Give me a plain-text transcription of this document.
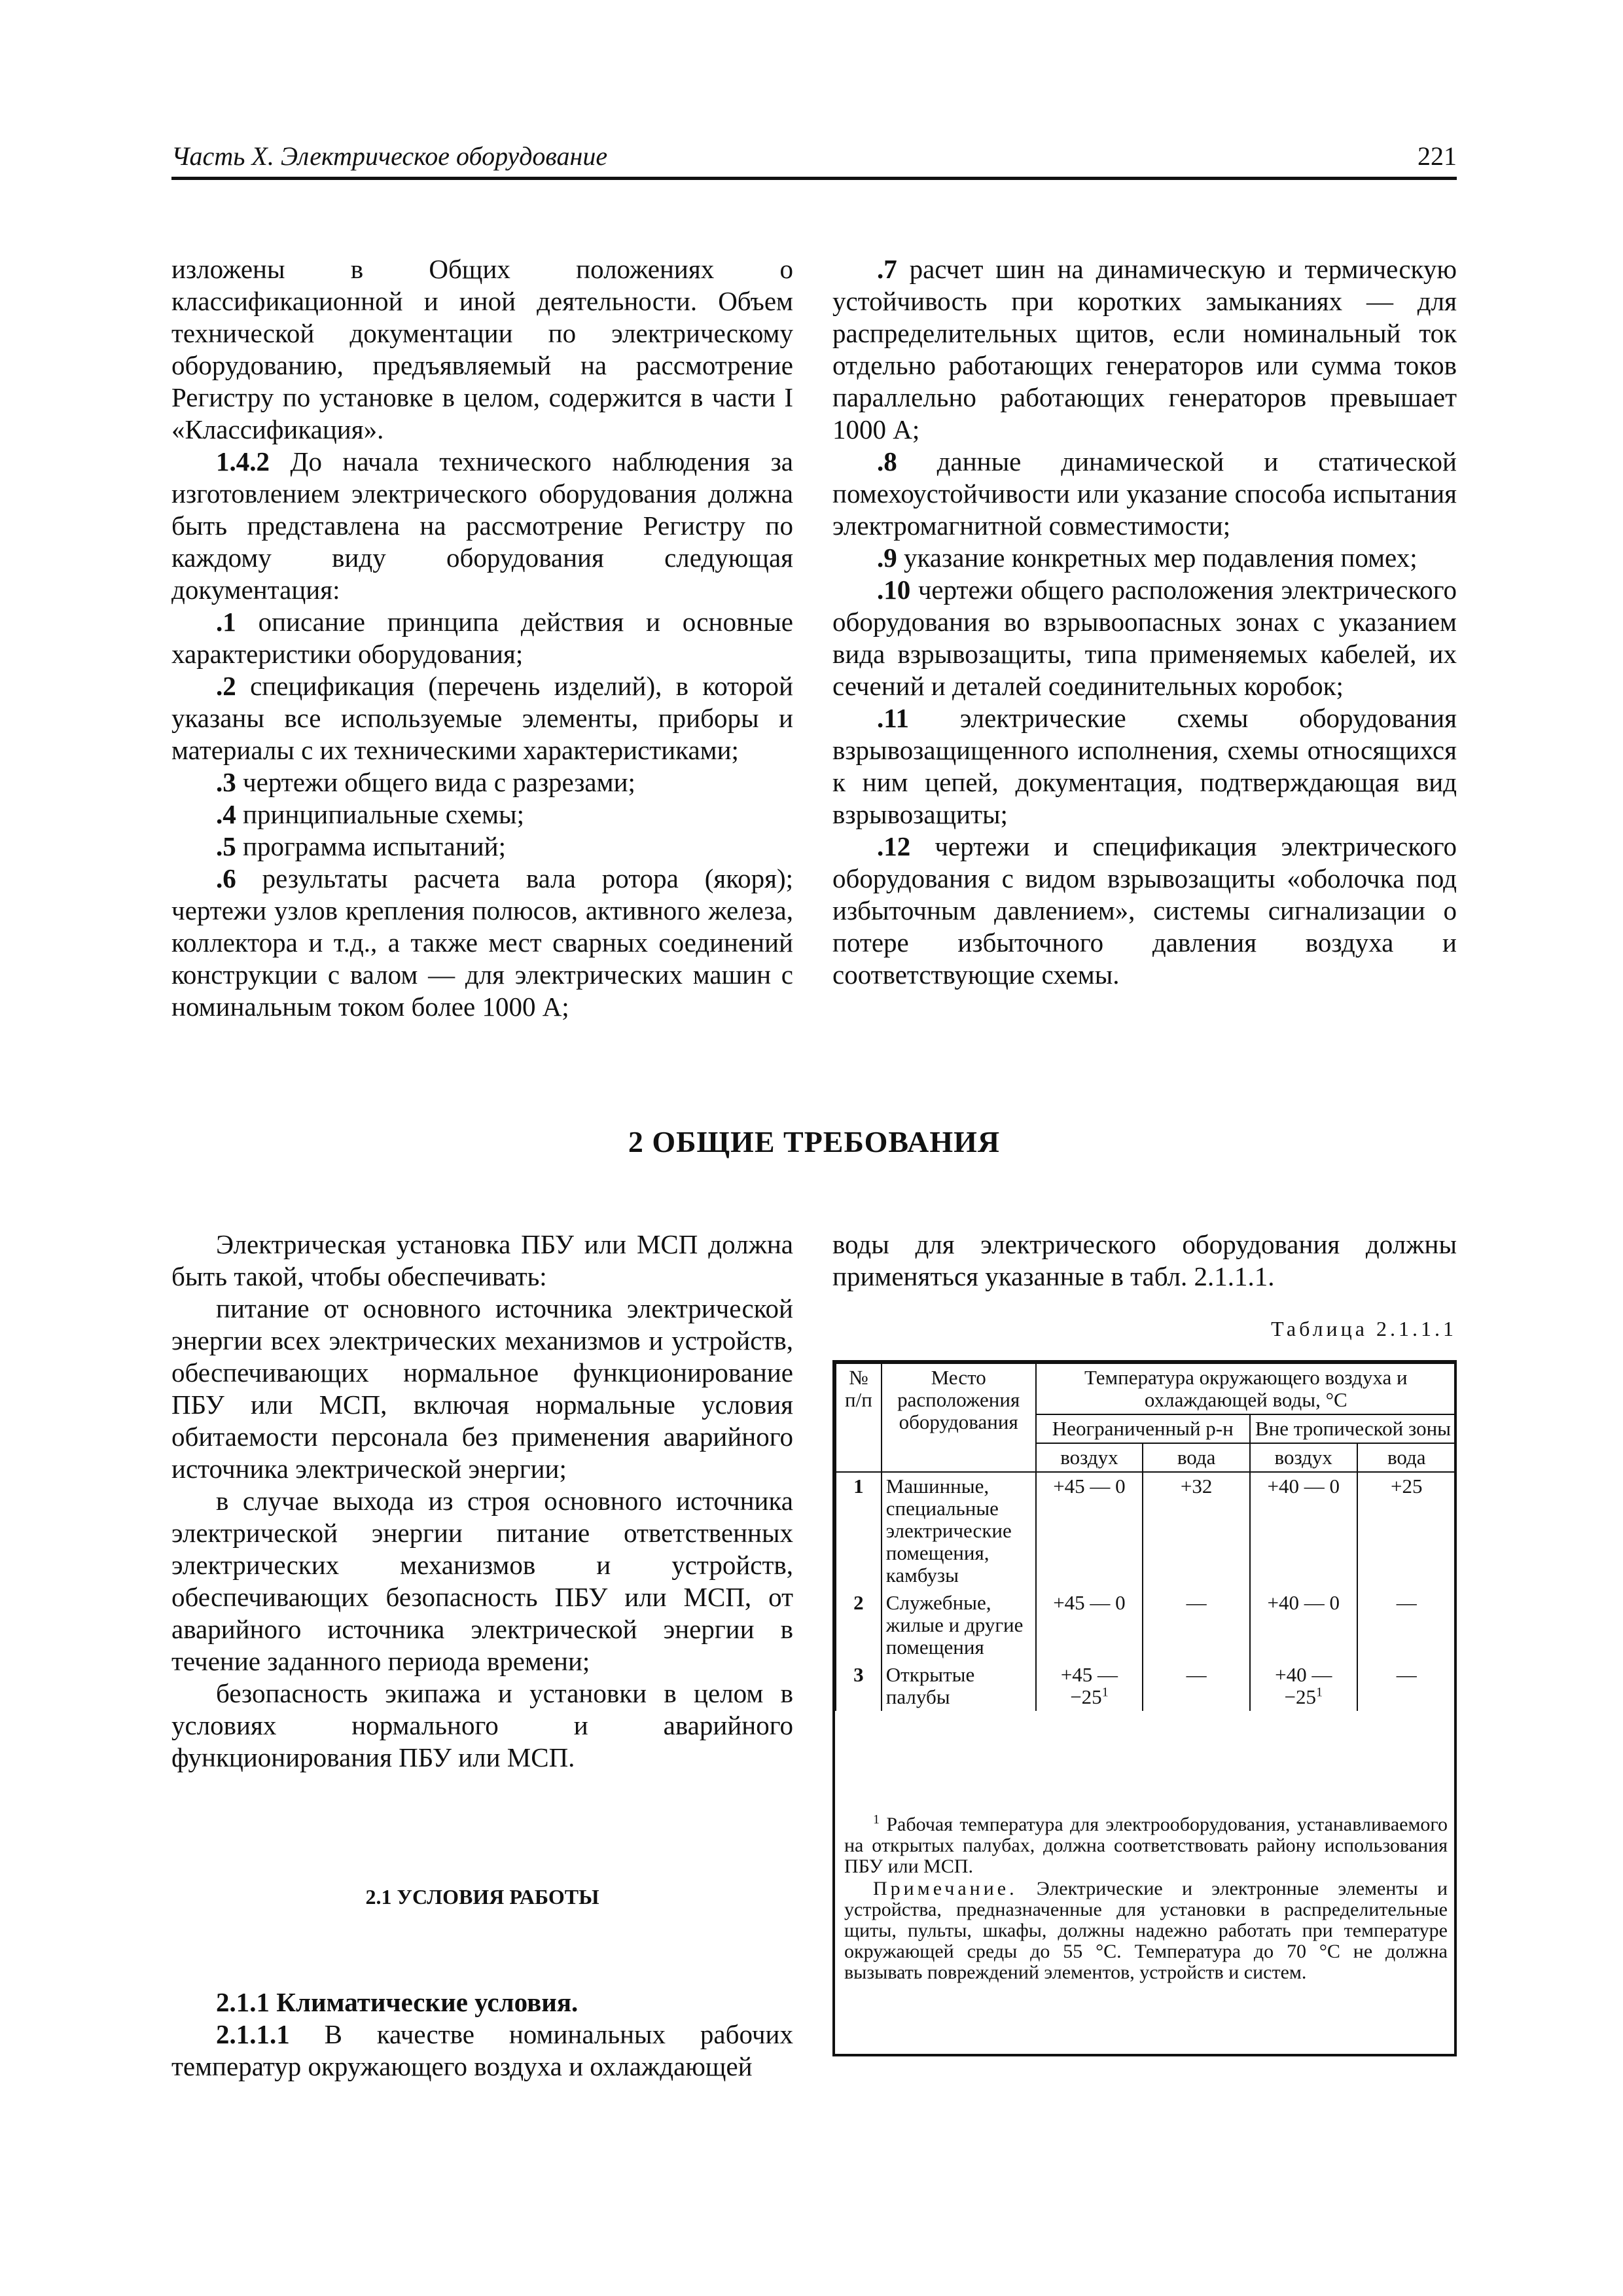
Часть X. Электрическое оборудование	221

изложены в Общих положениях о классификационной и иной деятельности. Объем технической документации по электрическому оборудованию, предъявляемый на рассмотрение Регистру по установке в целом, содержится в части I «Классификация».

1.4.2 До начала технического наблюдения за изготовлением электрического оборудования должна быть представлена на рассмотрение Регистру по каждому виду оборудования следующая документация:

.1 описание принципа действия и основные характеристики оборудования;

.2 спецификация (перечень изделий), в которой указаны все используемые элементы, приборы и материалы с их техническими характеристиками;

.3 чертежи общего вида с разрезами;

.4 принципиальные схемы;

.5 программа испытаний;

.6 результаты расчета вала ротора (якоря); чертежи узлов крепления полюсов, активного железа, коллектора и т.д., а также мест сварных соединений конструкции с валом — для электрических машин с номинальным током более 1000 А;

.7 расчет шин на динамическую и термическую устойчивость при коротких замыканиях — для распределительных щитов, если номинальный ток отдельно работающих генераторов или сумма токов параллельно работающих генераторов превышает 1000 А;

.8 данные динамической и статической помехоустойчивости или указание способа испытания электромагнитной совместимости;

.9 указание конкретных мер подавления помех;

.10 чертежи общего расположения электрического оборудования во взрывоопасных зонах с указанием вида взрывозащиты, типа применяемых кабелей, их сечений и деталей соединительных коробок;

.11 электрические схемы оборудования взрывозащищенного исполнения, схемы относящихся к ним цепей, документация, подтверждающая вид взрывозащиты;

.12 чертежи и спецификация электрического оборудования с видом взрывозащиты «оболочка под избыточным давлением», системы сигнализации о потере избыточного давления воздуха и соответствующие схемы.

2 ОБЩИЕ ТРЕБОВАНИЯ

Электрическая установка ПБУ или МСП должна быть такой, чтобы обеспечивать:

питание от основного источника электрической энергии всех электрических механизмов и устройств, обеспечивающих нормальное функционирование ПБУ или МСП, включая нормальные условия обитаемости персонала без применения аварийного источника электрической энергии;

в случае выхода из строя основного источника электрической энергии питание ответственных электрических механизмов и устройств, обеспечивающих безопасность ПБУ или МСП, от аварийного источника электрической энергии в течение заданного периода времени;

безопасность экипажа и установки в целом в условиях нормального и аварийного функционирования ПБУ или МСП.

2.1 УСЛОВИЯ РАБОТЫ

2.1.1 Климатические условия.

2.1.1.1 В качестве номинальных рабочих температур окружающего воздуха и охлаждающей

воды для электрического оборудования должны применяться указанные в табл. 2.1.1.1.

Таблица 2.1.1.1
№ п/п	Место расположения оборудования	Температура окружающего воздуха и охлаждающей воды, °С			
		Неограниченный р-н		Вне тропической зоны	
		воздух	вода	воздух	вода
1	Машинные, специальные электрические помещения, камбузы	+45 — 0	+32	+40 — 0	+25
2	Служебные, жилые и другие помещения	+45 — 0	—	+40 — 0	—
3	Открытые палубы	+45 — $-25^1$	—	+40 — $-25^1$	—

$^1$ Рабочая температура для электрооборудования, устанавливаемого на открытых палубах, должна соответствовать району использования ПБУ или МСП.

Примечание. Электрические и электронные элементы и устройства, предназначенные для установки в распределительные щиты, пульты, шкафы, должны надежно работать при температуре окружающей среды до 55 °С. Температура до 70 °С не должна вызывать повреждений элементов, устройств и систем.
